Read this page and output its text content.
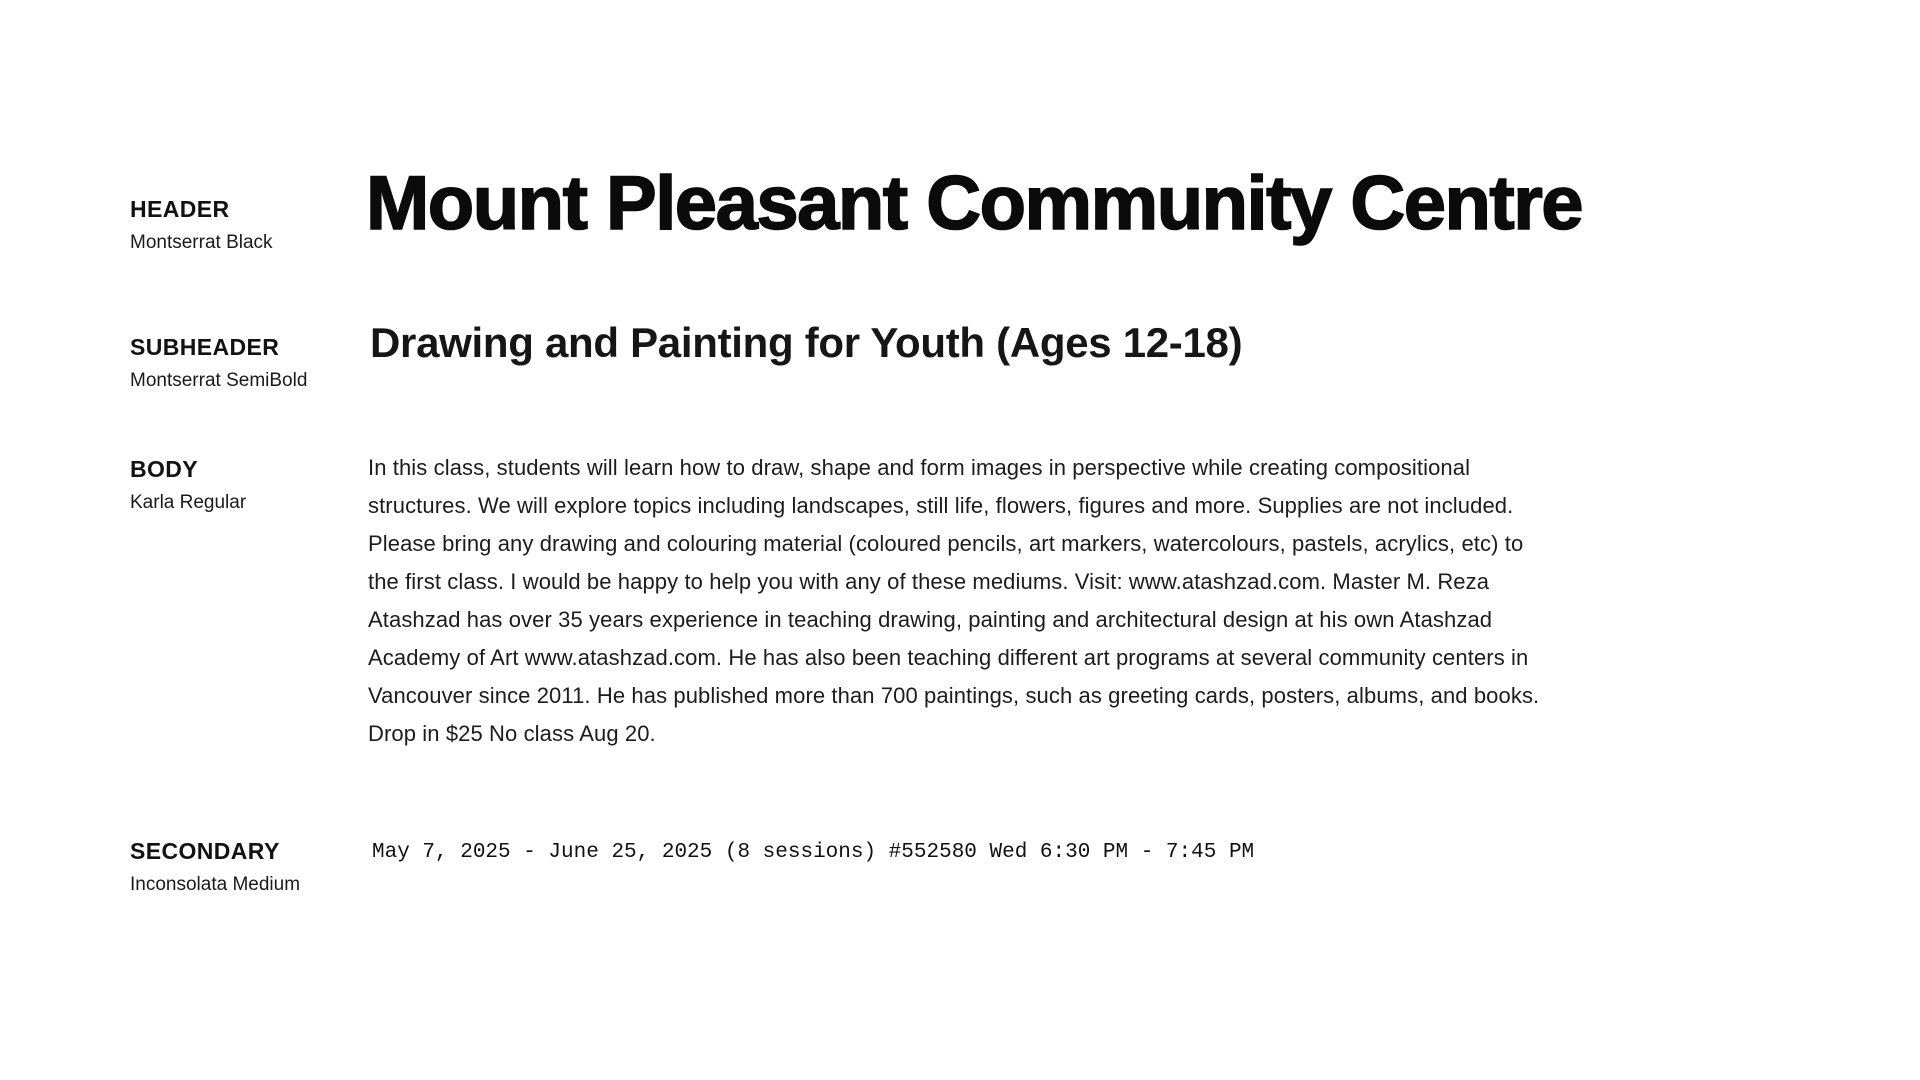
HEADER
Montserrat Black Mount Pleasant Community Centre
SUBHEADER
Montserrat SemiBold
Drawing and Painting for Youth (Ages 12-18)
BODY
Karla Regular
In this class, students will learn how to draw, shape and form images in perspective while creating compositional
structures. We will explore topics including landscapes, still life, flowers, figures and more. Supplies are not included.
Please bring any drawing and colouring material (coloured pencils, art markers, watercolours, pastels, acrylics, etc) to
the first class. I would be happy to help you with any of these mediums. Visit: www.atashzad.com. Master M. Reza
Atashzad has over 35 years experience in teaching drawing, painting and architectural design at his own Atashzad
Academy of Art www.atashzad.com. He has also been teaching different art programs at several community centers in
Vancouver since 2011. He has published more than 700 paintings, such as greeting cards, posters, albums, and books.
Drop in $25 No class Aug 20.
SECONDARY
Inconsolata Medium
May 7, 2025 - June 25, 2025 (8 sessions) #552580 Wed 6:30 PM - 7:45 PM
